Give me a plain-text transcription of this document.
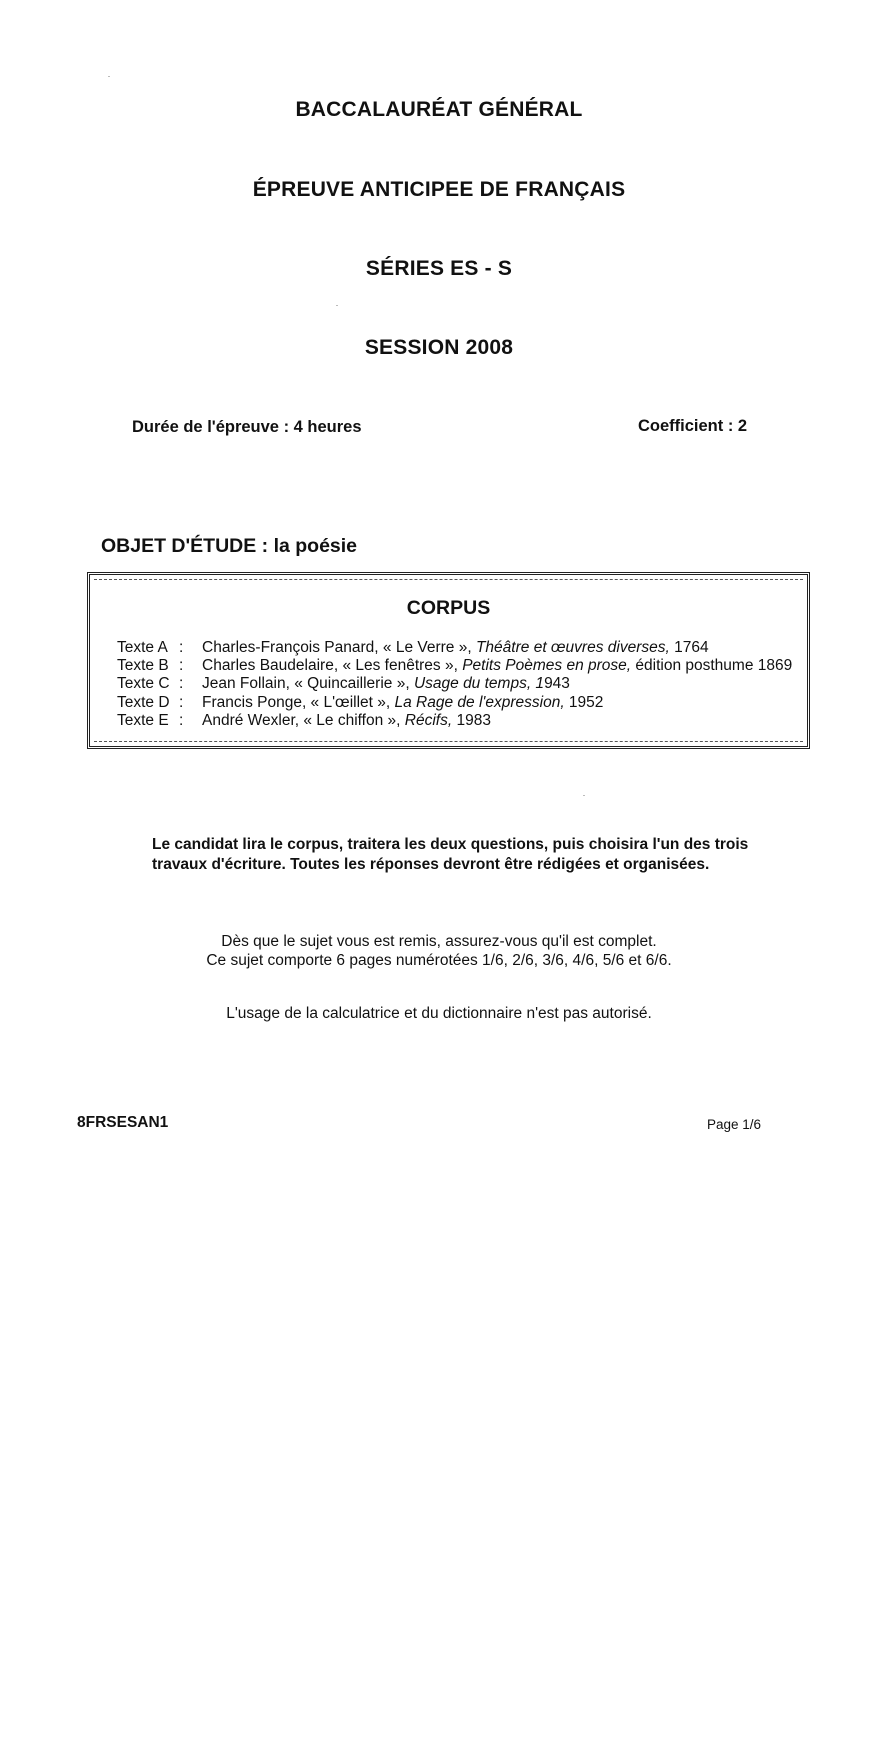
BACCALAURÉAT GÉNÉRAL
ÉPREUVE ANTICIPEE DE FRANÇAIS
SÉRIES ES - S
SESSION 2008
Durée de l'épreuve : 4 heures	Coefficient : 2
OBJET D'ÉTUDE : la poésie
CORPUS
Texte A :	Charles-François Panard, « Le Verre », Théâtre et œuvres diverses, 1764
Texte B :	Charles Baudelaire, « Les fenêtres », Petits Poèmes en prose, édition posthume 1869
Texte C :	Jean Follain, « Quincaillerie », Usage du temps, 1943
Texte D :	Francis Ponge, « L'œillet », La Rage de l'expression, 1952
Texte E :	André Wexler, « Le chiffon », Récifs, 1983
Le candidat lira le corpus, traitera les deux questions, puis choisira l'un des trois
travaux d'écriture. Toutes les réponses devront être rédigées et organisées.
Dès que le sujet vous est remis, assurez-vous qu'il est complet.
Ce sujet comporte 6 pages numérotées 1/6, 2/6, 3/6, 4/6, 5/6 et 6/6.
L'usage de la calculatrice et du dictionnaire n'est pas autorisé.
8FRSESAN1	Page 1/6
